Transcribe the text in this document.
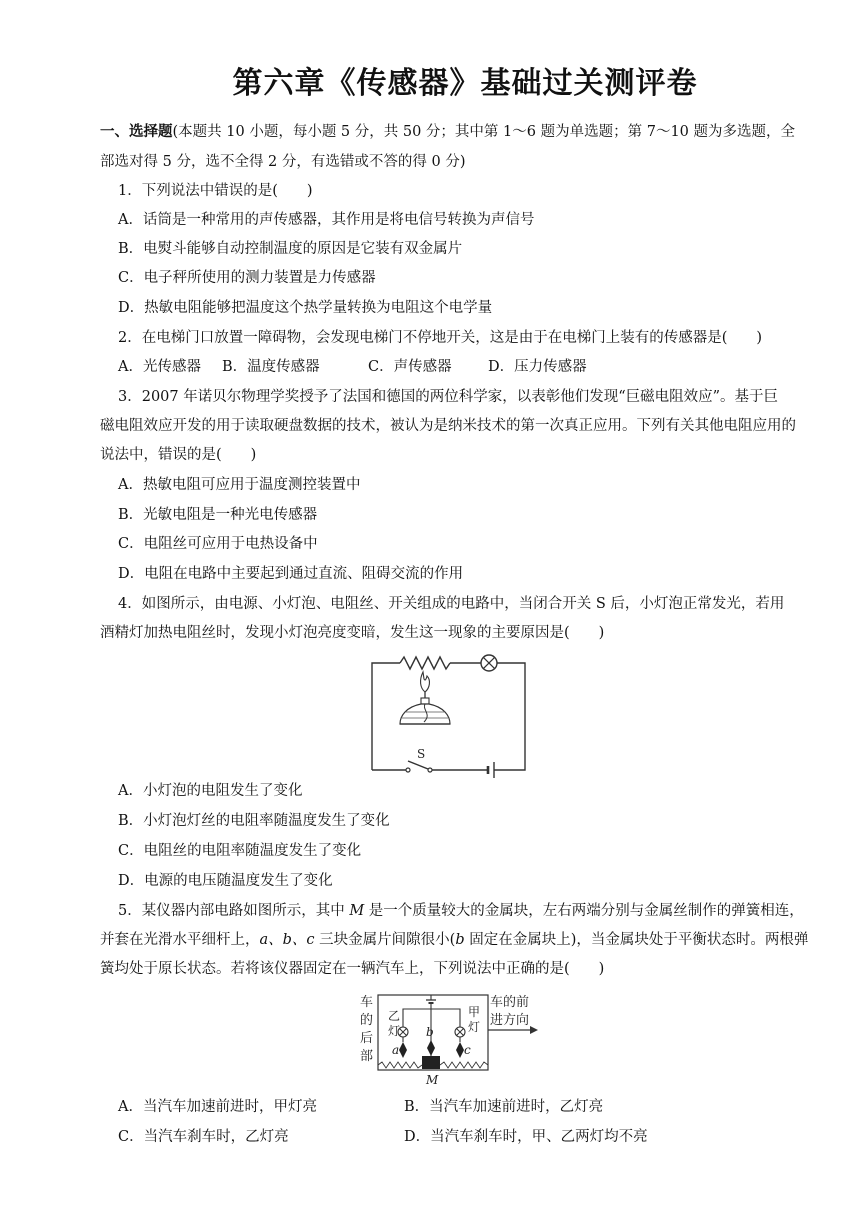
第六章《传感器》基础过关测评卷
一、选择题(本题共 10 小题，每小题 5 分，共 50 分；其中第 1～6 题为单选题；第 7～10 题为多选题，全
部选对得 5 分，选不全得 2 分，有选错或不答的得 0 分)
1．下列说法中错误的是(　　)
A．话筒是一种常用的声传感器，其作用是将电信号转换为声信号
B．电熨斗能够自动控制温度的原因是它装有双金属片
C．电子秤所使用的测力装置是力传感器
D．热敏电阻能够把温度这个热学量转换为电阻这个电学量
2．在电梯门口放置一障碍物，会发现电梯门不停地开关，这是由于在电梯门上装有的传感器是(　　)
A．光传感器 B．温度传感器	C．声传感器	D．压力传感器
3．2007 年诺贝尔物理学奖授予了法国和德国的两位科学家，以表彰他们发现“巨磁电阻效应”。基于巨
磁电阻效应开发的用于读取硬盘数据的技术，被认为是纳米技术的第一次真正应用。下列有关其他电阻应用的
说法中，错误的是(　　)
A．热敏电阻可应用于温度测控装置中
B．光敏电阻是一种光电传感器
C．电阻丝可应用于电热设备中
D．电阻在电路中主要起到通过直流、阻碍交流的作用
4．如图所示，由电源、小灯泡、电阻丝、开关组成的电路中，当闭合开关 S 后，小灯泡正常发光，若用
酒精灯加热电阻丝时，发现小灯泡亮度变暗，发生这一现象的主要原因是(　　)
S
A．小灯泡的电阻发生了变化
B．小灯泡灯丝的电阻率随温度发生了变化
C．电阻丝的电阻率随温度发生了变化
D．电源的电压随温度发生了变化
5．某仪器内部电路如图所示，其中 M 是一个质量较大的金属块，左右两端分别与金属丝制作的弹簧相连，
并套在光滑水平细杆上，a、b、c 三块金属片间隙很小(b 固定在金属块上)，当金属块处于平衡状态时。两根弹
簧均处于原长状态。若将该仪器固定在一辆汽车上，下列说法中正确的是(　　)
车
的
后
部
车的前
进方向
乙
灯
甲
灯
a
b
c
M
A．当汽车加速前进时，甲灯亮	B．当汽车加速前进时，乙灯亮
C．当汽车刹车时，乙灯亮	D．当汽车刹车时，甲、乙两灯均不亮
